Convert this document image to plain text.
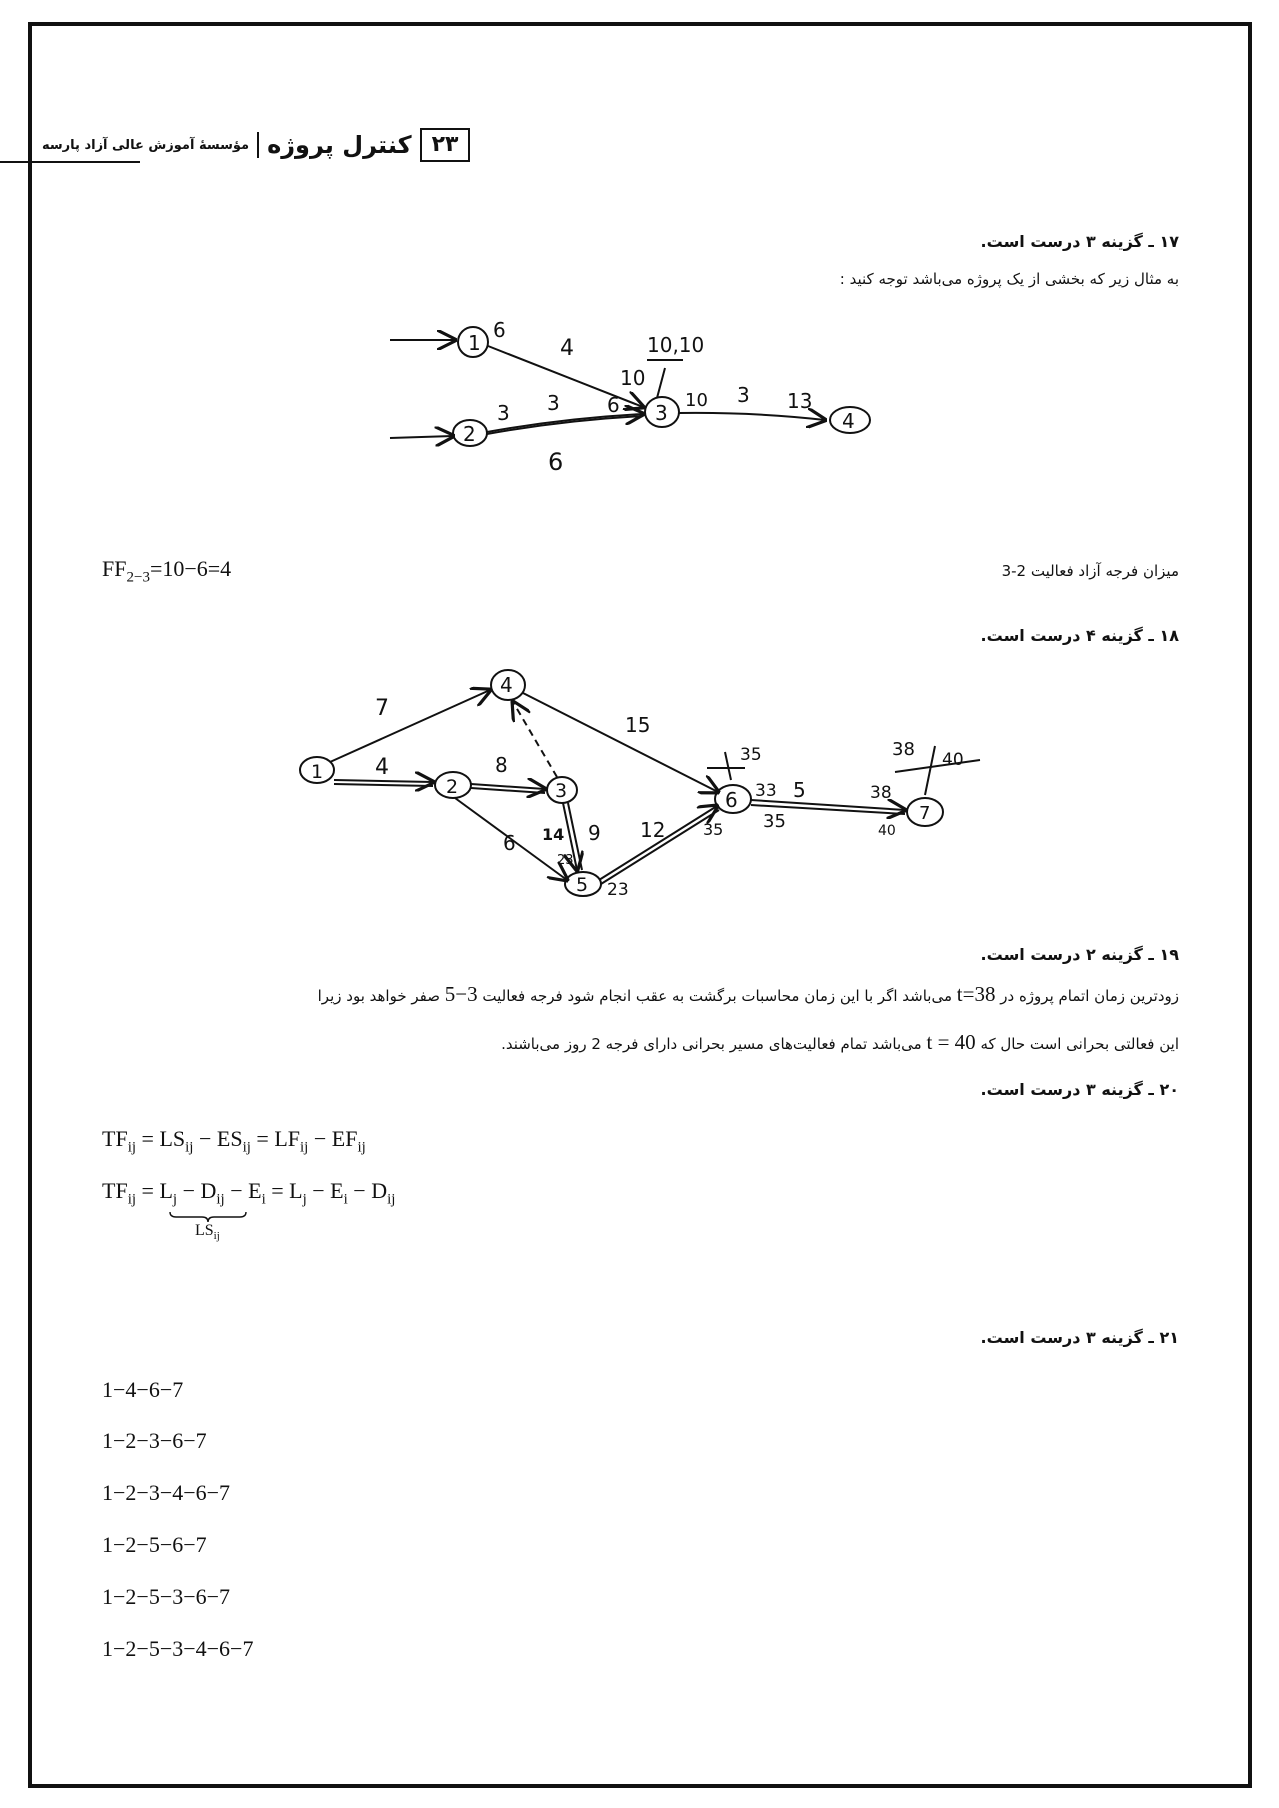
۲۳
کنترل پروژه
مؤسسهٔ آموزش عالی آزاد پارسه
۱۷ ـ گزینه ۳ درست است.
به مثال زیر که بخشی از یک پروژه می‌باشد توجه کنید :
1
2
3	4
6
4
10
10,10
3 3 6
6
10 3 13
میزان فرجه آزاد فعالیت 2-3
$FF_{2-3}=10-6=4$
۱۸ ـ گزینه ۴ درست است.
1
2	3
4
5
6
7
7
4	8
15
6 14 9 12
5
35	38 40
33	38
35
35	40
23
23
۱۹ ـ گزینه ۲ درست است.
زودترین زمان اتمام پروژه در t=38 می‌باشد اگر با این زمان محاسبات برگشت به عقب انجام شود فرجه فعالیت 5−3 صفر خواهد بود زیرا
این فعالتی بحرانی است حال که t = 40 می‌باشد تمام فعالیت‌های مسیر بحرانی دارای فرجه 2 روز می‌باشند.
۲۰ ـ گزینه ۳ درست است.
$TF_{ij} = LS_{ij} - ES_{ij} = LF_{ij} - EF_{ij}$
$TF_{ij} = L_j - D_{ij} - E_i = L_j - E_i - D_{ij}$
$LS_{ij}$
۲۱ ـ گزینه ۳ درست است.
1−4−6−7
1−2−3−6−7
1−2−3−4−6−7
1−2−5−6−7
1−2−5−3−6−7
1−2−5−3−4−6−7
